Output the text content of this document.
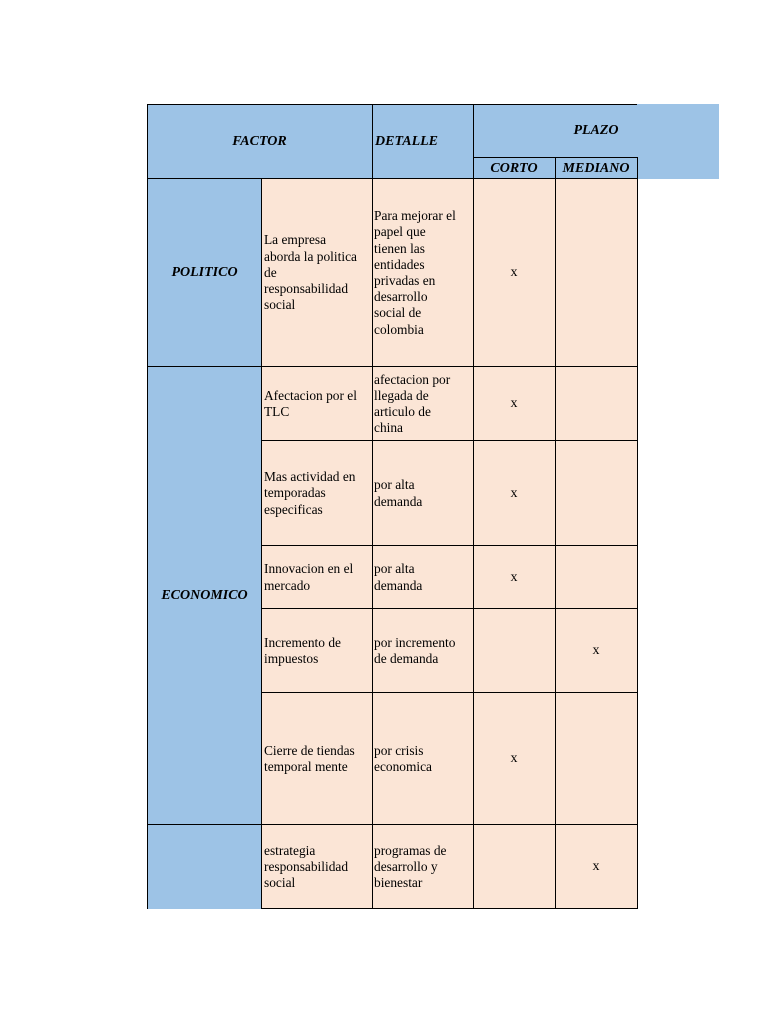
FACTOR	DETALLE
PLAZO
CORTO	MEDIANO
POLITICO
ECONOMICO
La empresa
aborda la politica
de
responsabilidad
social
Para mejorar el
papel que
tienen las
entidades
privadas en
desarrollo
social de
colombia
x
Afectacion por el
TLC
afectacion por
llegada de
articulo de
china
x
Mas actividad en
temporadas
especificas
por alta
demanda
x
Innovacion en el
mercado
por alta
demanda
x
Incremento de
impuestos
por incremento
de demanda
x
Cierre de tiendas
temporal mente
por crisis
economica
x
estrategia
responsabilidad
social
programas de
desarrollo y
bienestar
x
